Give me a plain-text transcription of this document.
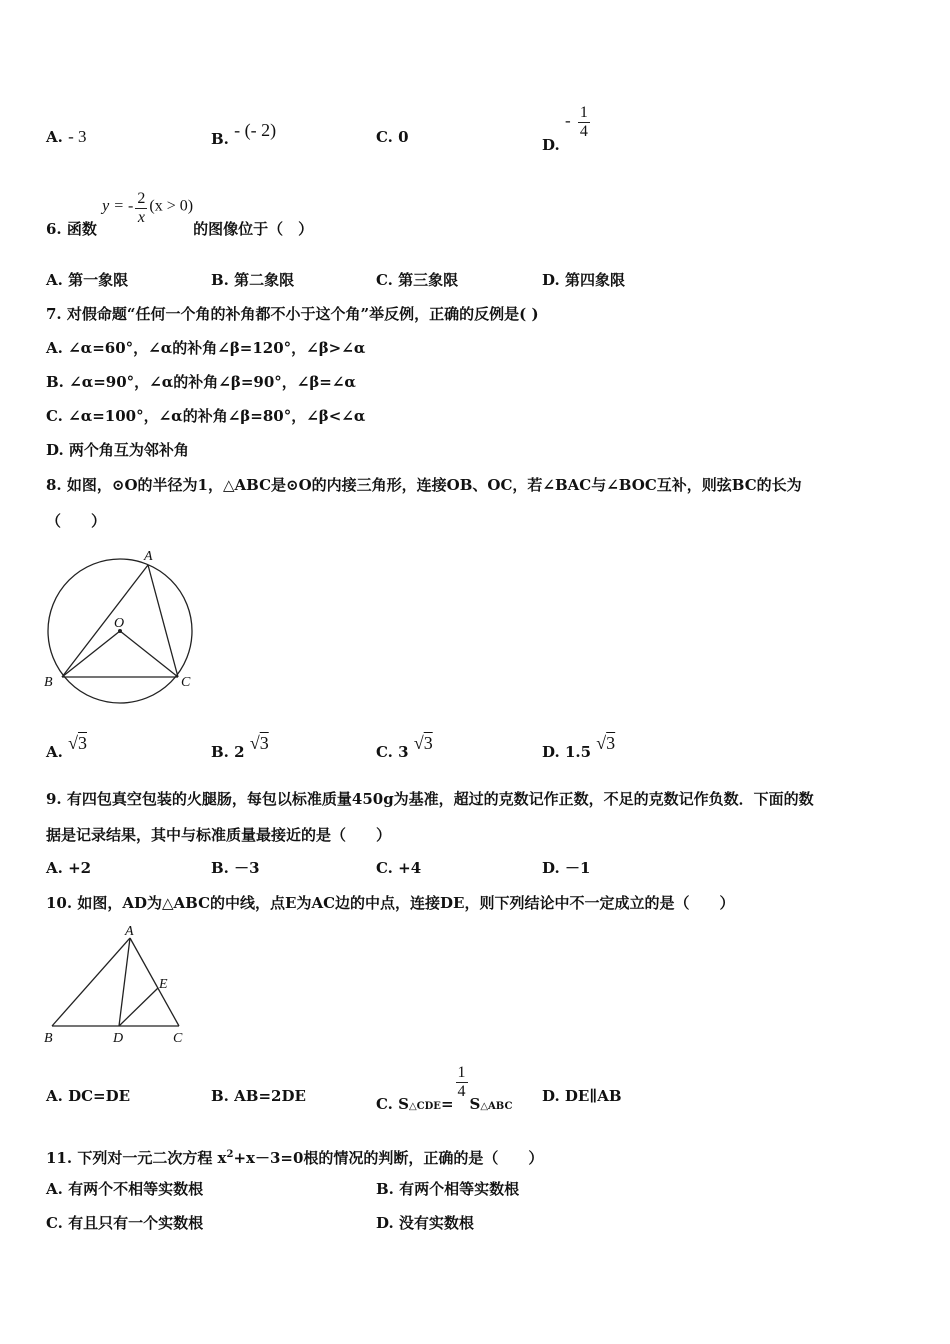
A. - 3	B. - (- 2)	C. 0	D. - $\frac{1}{4}$
6. 函数 y = - $\frac{2}{x} (x > 0)$的图像位于（　）
A. 第一象限	B. 第二象限	C. 第三象限	D. 第四象限
7. 对假命题“任何一个角的补角都不小于这个角”举反例，正确的反例是( )
A. ∠α=60°，∠α的补角∠β=120°，∠β>∠α
B. ∠α=90°，∠α的补角∠β=90°，∠β=∠α
C. ∠α=100°，∠α的补角∠β=80°，∠β<∠α
D. 两个角互为邻补角
8. 如图，⊙O的半径为1，△ABC是⊙O的内接三角形，连接OB、OC，若∠BAC与∠BOC互补，则弦BC的长为
（　　）
A
O
B	C
A. √3	B. 2 √3	C. 3 √3	D. 1.5 √3
9. 有四包真空包装的火腿肠，每包以标准质量450g为基准，超过的克数记作正数，不足的克数记作负数．下面的数
据是记录结果，其中与标准质量最接近的是（　　）
A. +2	B. －3	C. +4	D. －1
10. 如图，AD为△ABC的中线，点E为AC边的中点，连接DE，则下列结论中不一定成立的是（　　）
A
E
B	D	C
A. DC=DE	B. AB=2DE	C. S△CDE=
$\frac{1}{4}$
S△ABC
D. DE∥AB
11. 下列对一元二次方程 $x^2+x-3=0$根的情况的判断，正确的是（　　）
A. 有两个不相等实数根	B. 有两个相等实数根
C. 有且只有一个实数根	D. 没有实数根
